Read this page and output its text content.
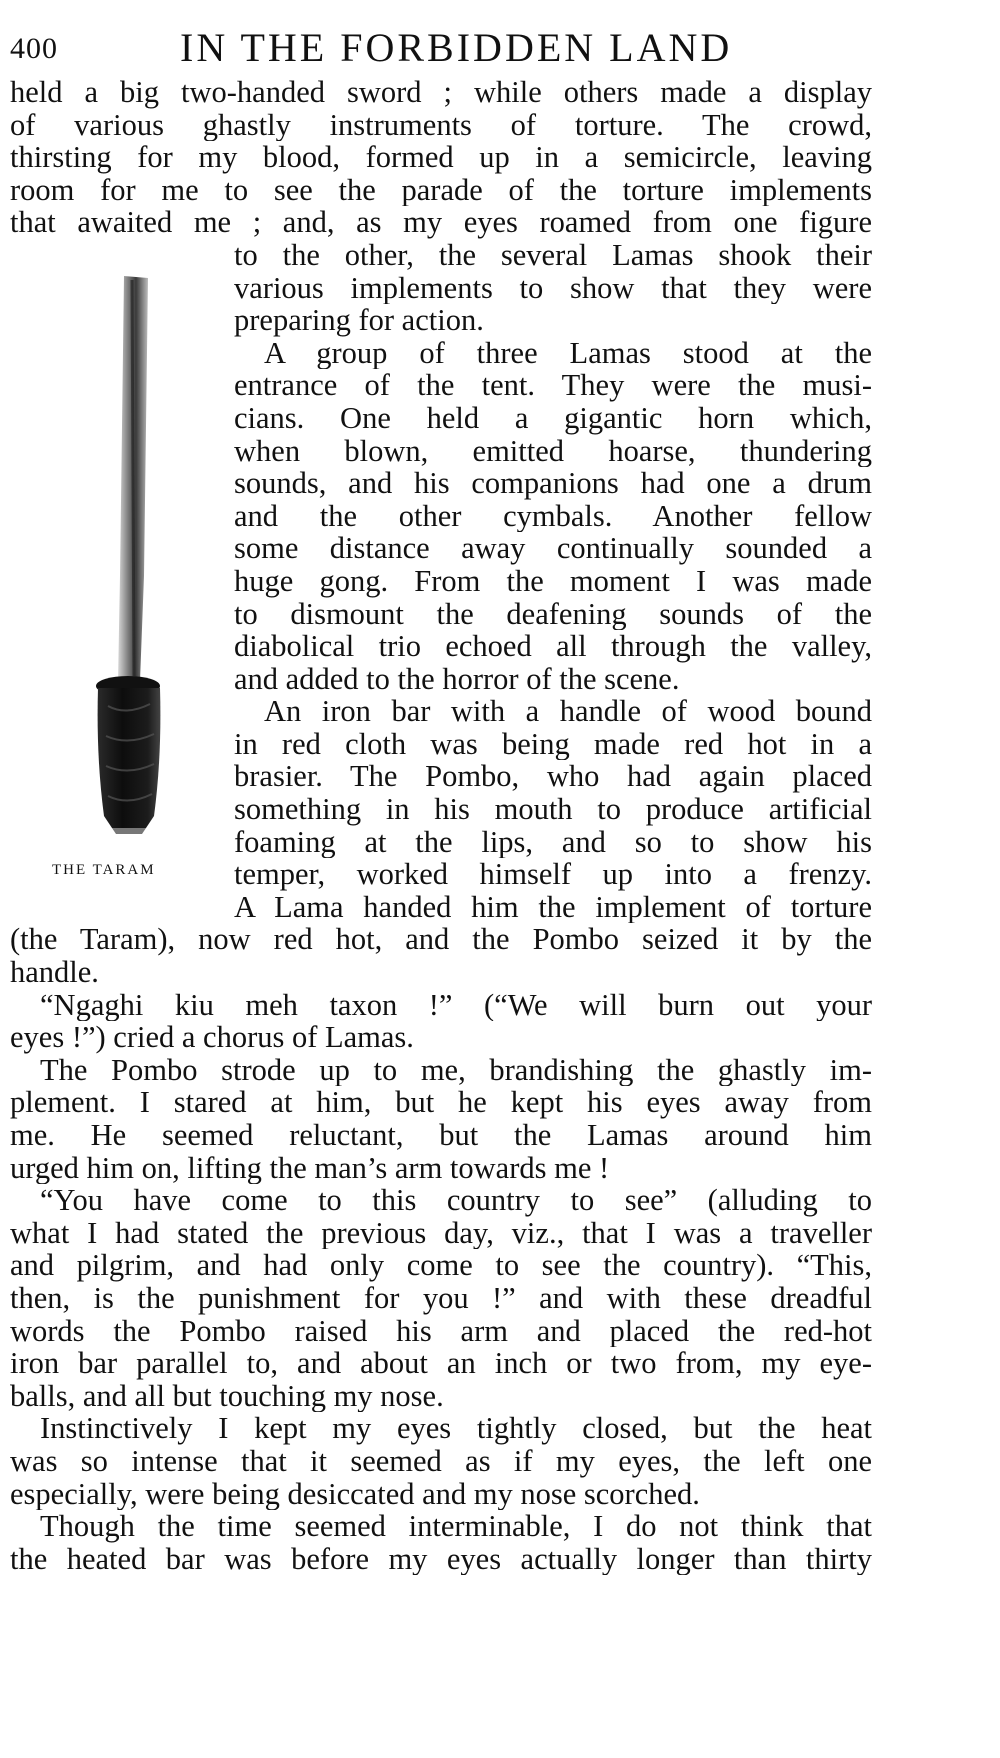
400	IN THE FORBIDDEN LAND
THE TARAM
held a big two-handed sword ; while others made a display
of various ghastly instruments of torture. The crowd,
thirsting for my blood, formed up in a semicircle, leaving
room for me to see the parade of the torture implements
that awaited me ; and, as my eyes roamed from one figure
to the other, the several Lamas shook their
various implements to show that they were
preparing for action.
A group of three Lamas stood at the
entrance of the tent. They were the musi-
cians. One held a gigantic horn which,
when blown, emitted hoarse, thundering
sounds, and his companions had one a drum
and the other cymbals. Another fellow
some distance away continually sounded a
huge gong. From the moment I was made
to dismount the deafening sounds of the
diabolical trio echoed all through the valley,
and added to the horror of the scene.
An iron bar with a handle of wood bound
in red cloth was being made red hot in a
brasier. The Pombo, who had again placed
something in his mouth to produce artificial
foaming at the lips, and so to show his
temper, worked himself up into a frenzy.
A Lama handed him the implement of torture
(the Taram), now red hot, and the Pombo seized it by the
handle.
“Ngaghi kiu meh taxon !” (“We will burn out your
eyes !”) cried a chorus of Lamas.
The Pombo strode up to me, brandishing the ghastly im-
plement. I stared at him, but he kept his eyes away from
me. He seemed reluctant, but the Lamas around him
urged him on, lifting the man’s arm towards me !
“You have come to this country to see” (alluding to
what I had stated the previous day, viz., that I was a traveller
and pilgrim, and had only come to see the country). “This,
then, is the punishment for you !” and with these dreadful
words the Pombo raised his arm and placed the red-hot
iron bar parallel to, and about an inch or two from, my eye-
balls, and all but touching my nose.
Instinctively I kept my eyes tightly closed, but the heat
was so intense that it seemed as if my eyes, the left one
especially, were being desiccated and my nose scorched.
Though the time seemed interminable, I do not think that
the heated bar was before my eyes actually longer than thirty
